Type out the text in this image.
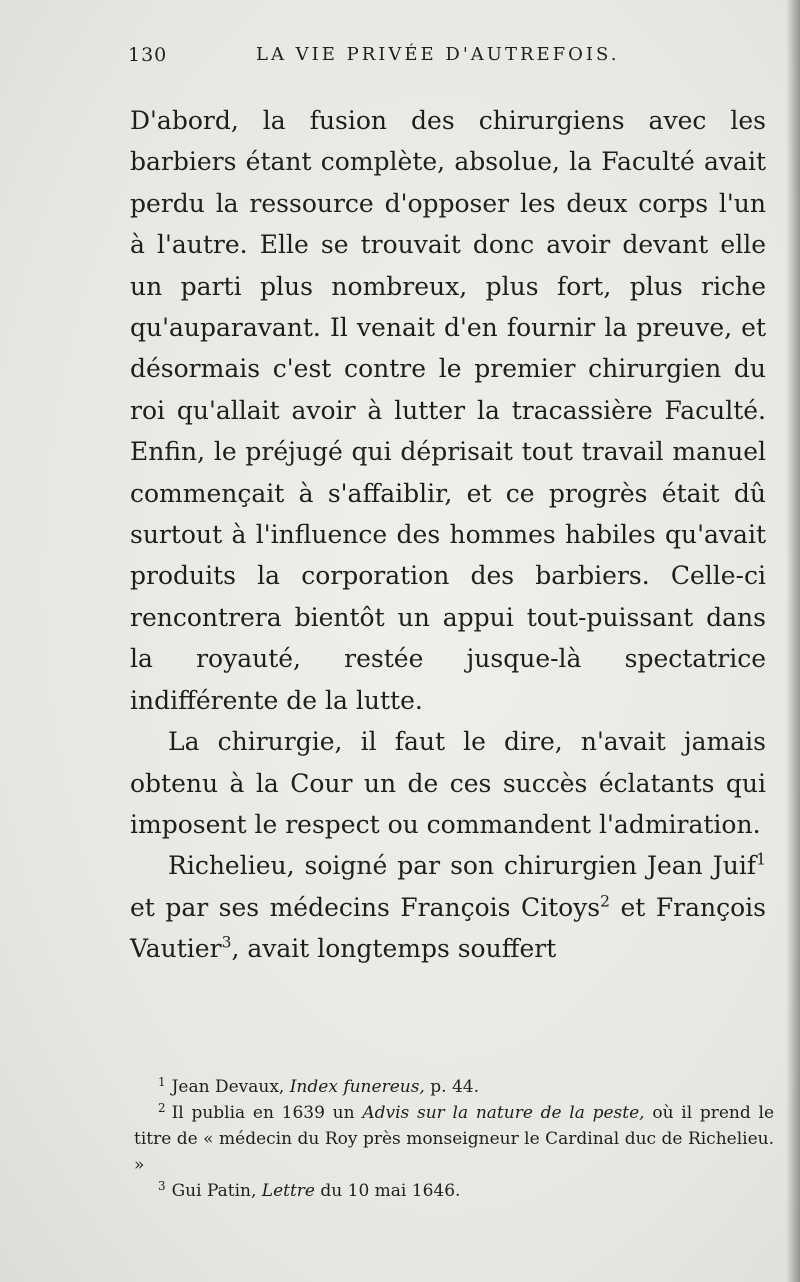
130	LA VIE PRIVÉE D'AUTREFOIS.

D'abord, la fusion des chirurgiens avec les barbiers étant complète, absolue, la Faculté avait perdu la ressource d'opposer les deux corps l'un à l'autre. Elle se trouvait donc avoir devant elle un parti plus nombreux, plus fort, plus riche qu'auparavant. Il venait d'en fournir la preuve, et désormais c'est contre le premier chirurgien du roi qu'allait avoir à lutter la tracassière Faculté. Enfin, le préjugé qui déprisait tout travail manuel commençait à s'affaiblir, et ce progrès était dû surtout à l'influence des hommes habiles qu'avait produits la corporation des barbiers. Celle-ci rencontrera bientôt un appui tout-puissant dans la royauté, restée jusque-là spectatrice indifférente de la lutte.

La chirurgie, il faut le dire, n'avait jamais obtenu à la Cour un de ces succès éclatants qui imposent le respect ou commandent l'admiration.

Richelieu, soigné par son chirurgien Jean Juif$^1$ et par ses médecins François Citoys$^2$ et François Vautier$^3$, avait longtemps souffert

$^1$ Jean Devaux, Index funereus, p. 44.

$^2$ Il publia en 1639 un Advis sur la nature de la peste, où il prend le titre de « médecin du Roy près monseigneur le Cardinal duc de Richelieu. »

$^3$ Gui Patin, Lettre du 10 mai 1646.
